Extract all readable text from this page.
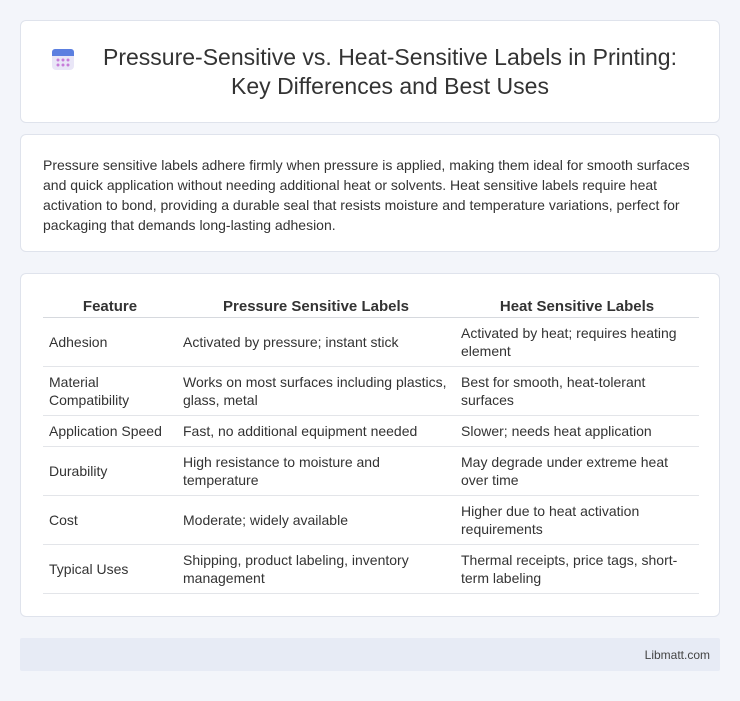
Pressure-Sensitive vs. Heat-Sensitive Labels in Printing: Key Differences and Best Uses

Pressure sensitive labels adhere firmly when pressure is applied, making them ideal for smooth surfaces and quick application without needing additional heat or solvents. Heat sensitive labels require heat activation to bond, providing a durable seal that resists moisture and temperature variations, perfect for packaging that demands long-lasting adhesion.

Feature	Pressure Sensitive Labels	Heat Sensitive Labels
Adhesion	Activated by pressure; instant stick	Activated by heat; requires heating element
Material Compatibility	Works on most surfaces including plastics, glass, metal	Best for smooth, heat-tolerant surfaces
Application Speed	Fast, no additional equipment needed	Slower; needs heat application
Durability	High resistance to moisture and temperature	May degrade under extreme heat over time
Cost	Moderate; widely available	Higher due to heat activation requirements
Typical Uses	Shipping, product labeling, inventory management	Thermal receipts, price tags, short-term labeling
Libmatt.com
